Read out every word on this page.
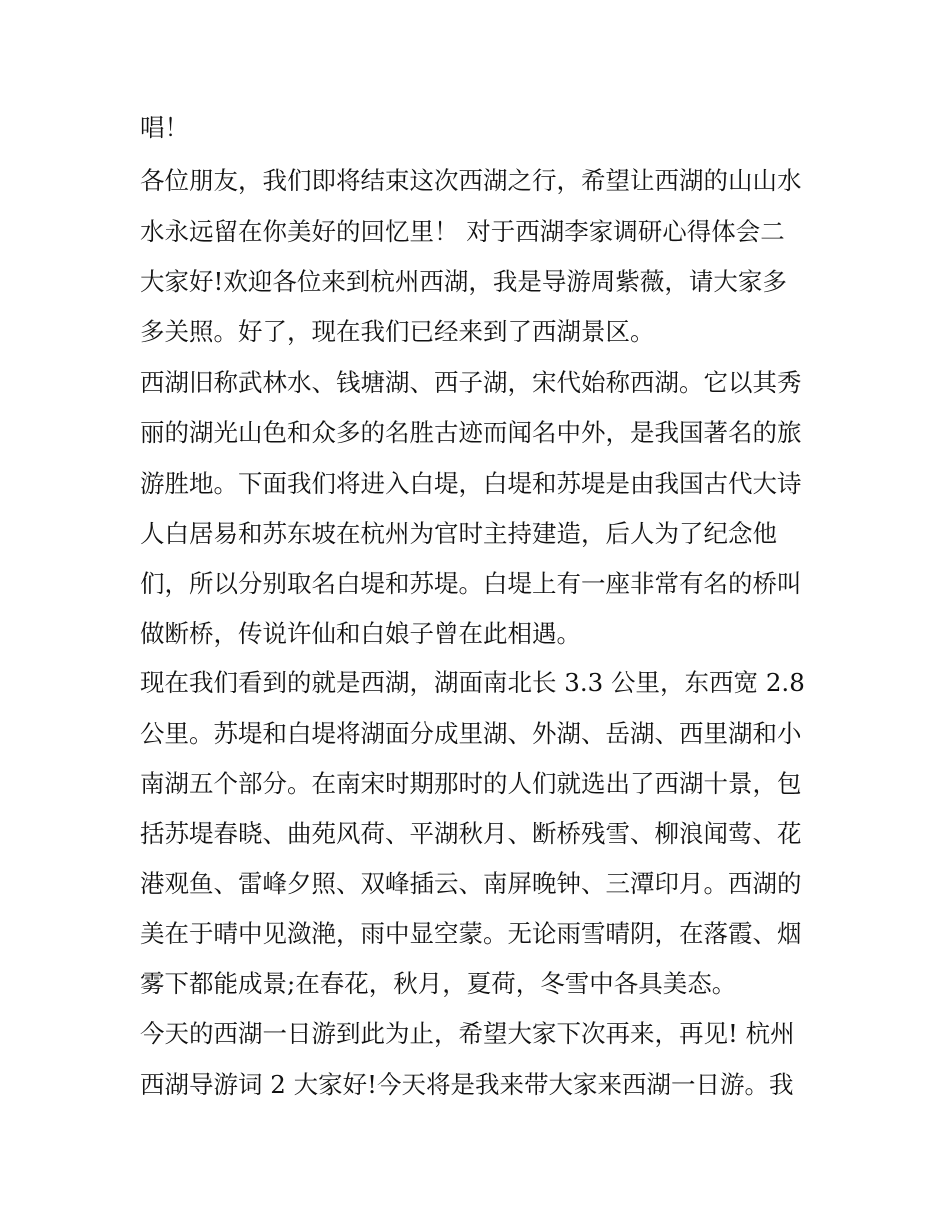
唱！
各位朋友，我们即将结束这次西湖之行，希望让西湖的山山水
水永远留在你美好的回忆里！ 对于西湖李家调研心得体会二
大家好!欢迎各位来到杭州西湖，我是导游周紫薇，请大家多
多关照。好了，现在我们已经来到了西湖景区。
西湖旧称武林水、钱塘湖、西子湖，宋代始称西湖。它以其秀
丽的湖光山色和众多的名胜古迹而闻名中外，是我国著名的旅
游胜地。下面我们将进入白堤，白堤和苏堤是由我国古代大诗
人白居易和苏东坡在杭州为官时主持建造，后人为了纪念他
们，所以分别取名白堤和苏堤。白堤上有一座非常有名的桥叫
做断桥，传说许仙和白娘子曾在此相遇。
现在我们看到的就是西湖，湖面南北长 3.3 公里，东西宽 2.8
公里。苏堤和白堤将湖面分成里湖、外湖、岳湖、西里湖和小
南湖五个部分。在南宋时期那时的人们就选出了西湖十景，包
括苏堤春晓、曲苑风荷、平湖秋月、断桥残雪、柳浪闻莺、花
港观鱼、雷峰夕照、双峰插云、南屏晚钟、三潭印月。西湖的
美在于晴中见潋滟，雨中显空蒙。无论雨雪晴阴，在落霞、烟
雾下都能成景;在春花，秋月，夏荷，冬雪中各具美态。
今天的西湖一日游到此为止，希望大家下次再来，再见! 杭州
西湖导游词 2 大家好!今天将是我来带大家来西湖一日游。我
